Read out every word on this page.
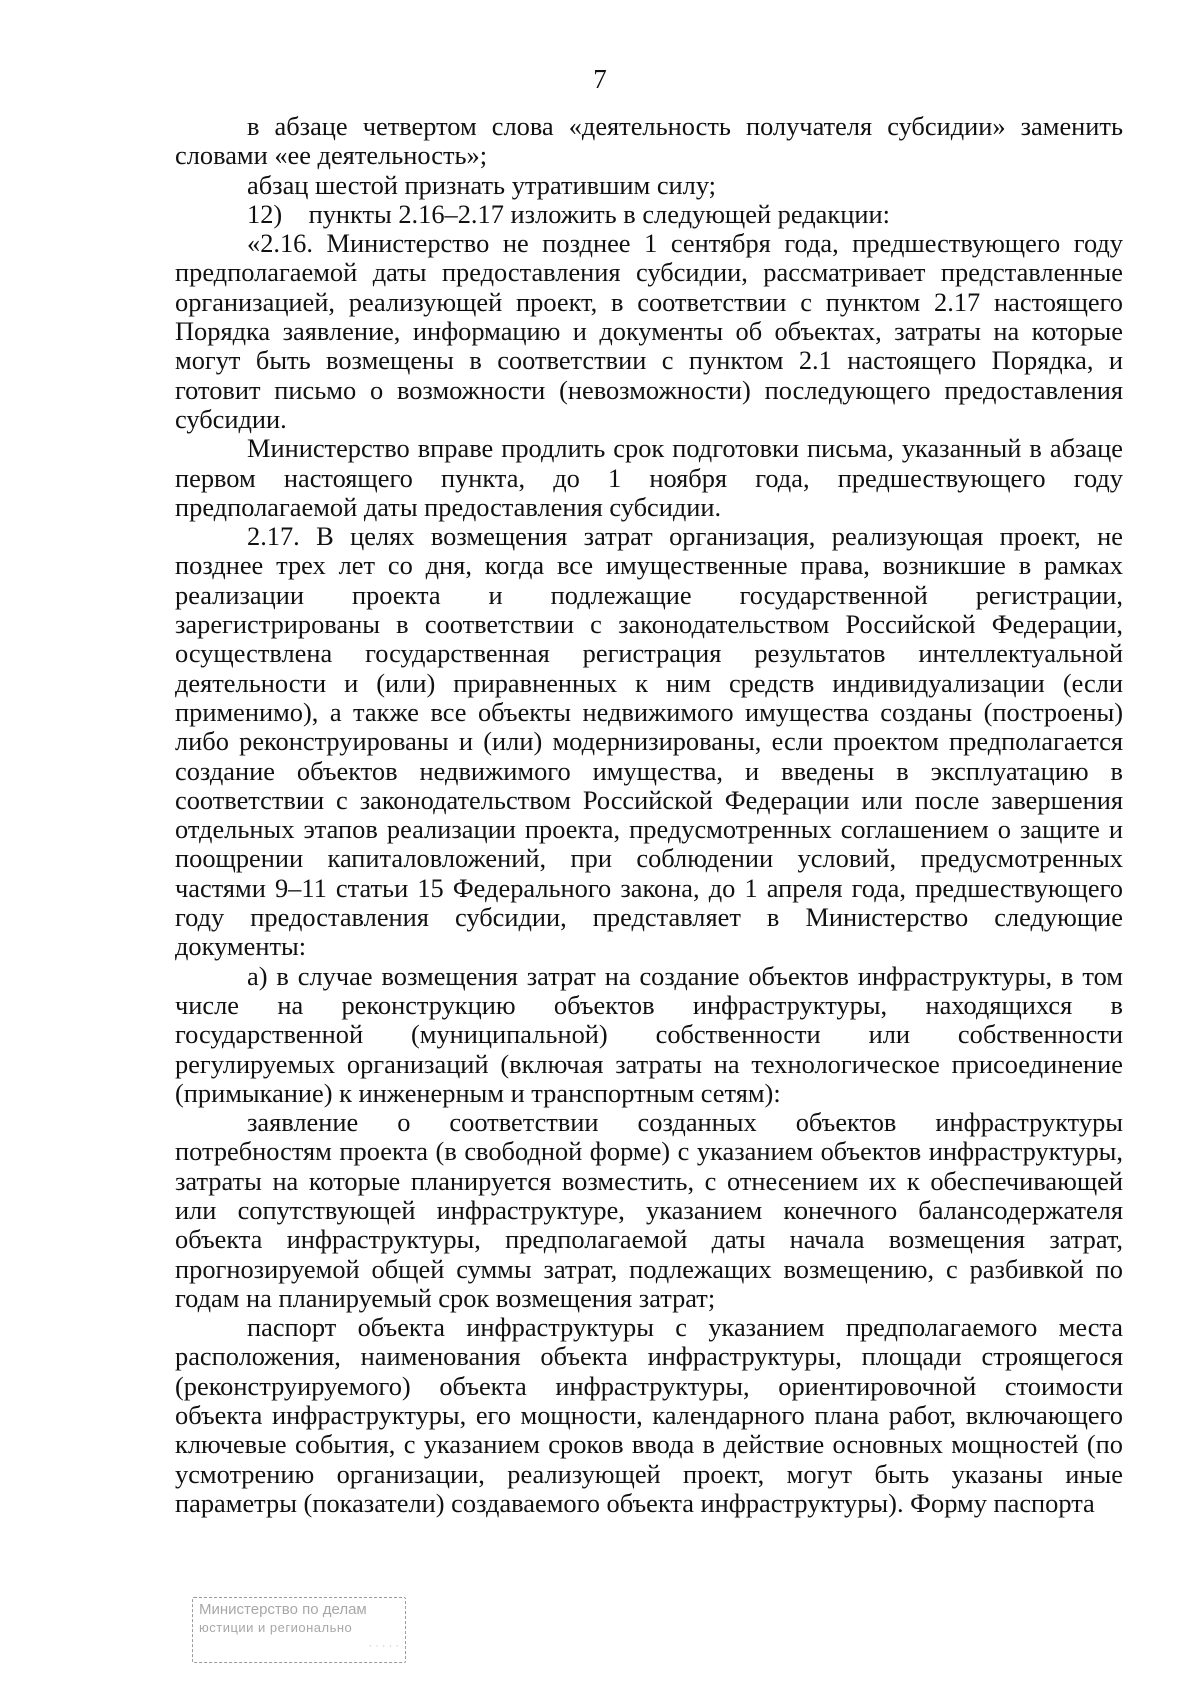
7

в абзаце четвертом слова «деятельность получателя субсидии» заменить словами «ее деятельность»;

абзац шестой признать утратившим силу;

12) пункты 2.16–2.17 изложить в следующей редакции:

«2.16. Министерство не позднее 1 сентября года, предшествующего году предполагаемой даты предоставления субсидии, рассматривает представленные организацией, реализующей проект, в соответствии с пунктом 2.17 настоящего Порядка заявление, информацию и документы об объектах, затраты на которые могут быть возмещены в соответствии с пунктом 2.1 настоящего Порядка, и готовит письмо о возможности (невозможности) последующего предоставления субсидии.

Министерство вправе продлить срок подготовки письма, указанный в абзаце первом настоящего пункта, до 1 ноября года, предшествующего году предполагаемой даты предоставления субсидии.

2.17. В целях возмещения затрат организация, реализующая проект, не позднее трех лет со дня, когда все имущественные права, возникшие в рамках реализации проекта и подлежащие государственной регистрации, зарегистрированы в соответствии с законодательством Российской Федерации, осуществлена государственная регистрация результатов интеллектуальной деятельности и (или) приравненных к ним средств индивидуализации (если применимо), а также все объекты недвижимого имущества созданы (построены) либо реконструированы и (или) модернизированы, если проектом предполагается создание объектов недвижимого имущества, и введены в эксплуатацию в соответствии с законодательством Российской Федерации или после завершения отдельных этапов реализации проекта, предусмотренных соглашением о защите и поощрении капиталовложений, при соблюдении условий, предусмотренных частями 9–11 статьи 15 Федерального закона, до 1 апреля года, предшествующего году предоставления субсидии, представляет в Министерство следующие документы:

а) в случае возмещения затрат на создание объектов инфраструктуры, в том числе на реконструкцию объектов инфраструктуры, находящихся в государственной (муниципальной) собственности или собственности регулируемых организаций (включая затраты на технологическое присоединение (примыкание) к инженерным и транспортным сетям):

заявление о соответствии созданных объектов инфраструктуры потребностям проекта (в свободной форме) с указанием объектов инфраструктуры, затраты на которые планируется возместить, с отнесением их к обеспечивающей или сопутствующей инфраструктуре, указанием конечного балансодержателя объекта инфраструктуры, предполагаемой даты начала возмещения затрат, прогнозируемой общей суммы затрат, подлежащих возмещению, с разбивкой по годам на планируемый срок возмещения затрат;

паспорт объекта инфраструктуры с указанием предполагаемого места расположения, наименования объекта инфраструктуры, площади строящегося (реконструируемого) объекта инфраструктуры, ориентировочной стоимости объекта инфраструктуры, его мощности, календарного плана работ, включающего ключевые события, с указанием сроков ввода в действие основных мощностей (по усмотрению организации, реализующей проект, могут быть указаны иные параметры (показатели) создаваемого объекта инфраструктуры). Форму паспорта

Министерство по делам
юстиции и регионально
· · · · ·
